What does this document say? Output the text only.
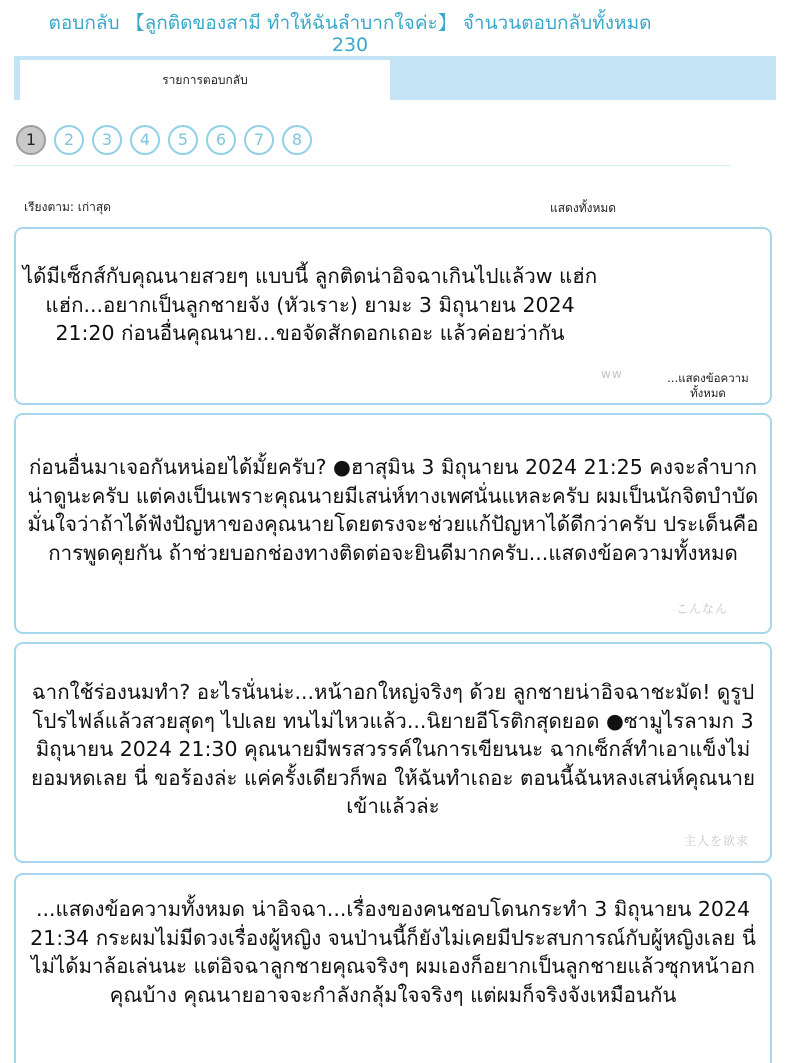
ตอบกลับ 【ลูกติดของสามี ทำให้ฉันลำบากใจค่ะ】 จำนวนตอบกลับทั้งหมด 230
รายการตอบกลับ
1	2	3	4	5	6	7	8
เรียงตาม: เก่าสุด	แสดงทั้งหมด
ได้มีเซ็กส์กับคุณนายสวยๆ แบบนี้ ลูกติดน่าอิจฉาเกินไปแล้วw แฮ่ก แฮ่ก...อยากเป็นลูกชายจัง (หัวเราะ) ยามะ 3 มิถุนายน 2024 21:20 ก่อนอื่นคุณนาย...ขอจัดสักดอกเถอะ แล้วค่อยว่ากัน
ww	...แสดงข้อความทั้งหมด
ก่อนอื่นมาเจอกันหน่อยได้มั้ยครับ? ●ฮาสุมิน 3 มิถุนายน 2024 21:25 คงจะลำบากน่าดูนะครับ แต่คงเป็นเพราะคุณนายมีเสน่ห์ทางเพศนั่นแหละครับ ผมเป็นนักจิตบำบัด มั่นใจว่าถ้าได้ฟังปัญหาของคุณนายโดยตรงจะช่วยแก้ปัญหาได้ดีกว่าครับ ประเด็นคือการพูดคุยกัน ถ้าช่วยบอกช่องทางติดต่อจะยินดีมากครับ...แสดงข้อความทั้งหมด
こんなん
ฉากใช้ร่องนมทำ? อะไรนั่นน่ะ...หน้าอกใหญ่จริงๆ ด้วย ลูกชายน่าอิจฉาชะมัด! ดูรูปโปรไฟล์แล้วสวยสุดๆ ไปเลย ทนไม่ไหวแล้ว...นิยายอีโรติกสุดยอด ●ซามูไรลามก 3 มิถุนายน 2024 21:30 คุณนายมีพรสวรรค์ในการเขียนนะ ฉากเซ็กส์ทำเอาแข็งไม่ยอมหดเลย นี่ ขอร้องล่ะ แค่ครั้งเดียวก็พอ ให้ฉันทำเถอะ ตอนนี้ฉันหลงเสน่ห์คุณนายเข้าแล้วล่ะ
主人を欲求
...แสดงข้อความทั้งหมด น่าอิจฉา...เรื่องของคนชอบโดนกระทำ 3 มิถุนายน 2024 21:34 กระผมไม่มีดวงเรื่องผู้หญิง จนป่านนี้ก็ยังไม่เคยมีประสบการณ์กับผู้หญิงเลย นี่ไม่ได้มาล้อเล่นนะ แต่อิจฉาลูกชายคุณจริงๆ ผมเองก็อยากเป็นลูกชายแล้วซุกหน้าอกคุณบ้าง คุณนายอาจจะกำลังกลุ้มใจจริงๆ แต่ผมก็จริงจังเหมือนกัน
